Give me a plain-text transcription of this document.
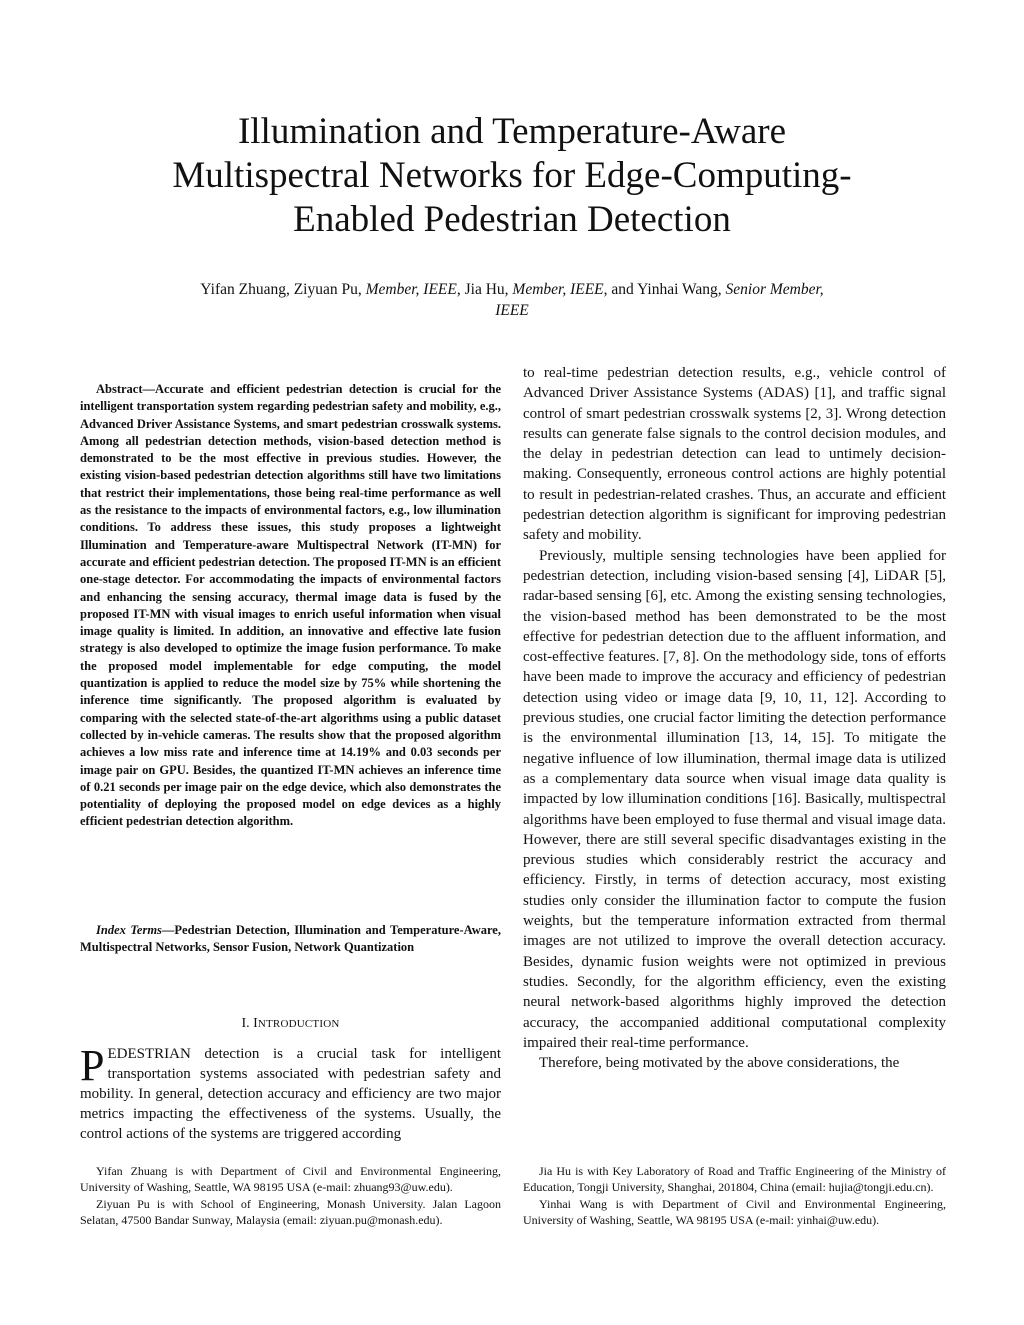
Illumination and Temperature-Aware
Multispectral Networks for Edge-Computing-
Enabled Pedestrian Detection

Yifan Zhuang, Ziyuan Pu, Member, IEEE, Jia Hu, Member, IEEE, and Yinhai Wang, Senior Member,
IEEE

Abstract—Accurate and efficient pedestrian detection is crucial for the intelligent transportation system regarding pedestrian safety and mobility, e.g., Advanced Driver Assistance Systems, and smart pedestrian crosswalk systems. Among all pedestrian detection methods, vision-based detection method is demonstrated to be the most effective in previous studies. However, the existing vision-based pedestrian detection algorithms still have two limitations that restrict their implementations, those being real-time performance as well as the resistance to the impacts of environmental factors, e.g., low illumination conditions. To address these issues, this study proposes a lightweight Illumination and Temperature-aware Multispectral Network (IT-MN) for accurate and efficient pedestrian detection. The proposed IT-MN is an efficient one-stage detector. For accommodating the impacts of environmental factors and enhancing the sensing accuracy, thermal image data is fused by the proposed IT-MN with visual images to enrich useful information when visual image quality is limited. In addition, an innovative and effective late fusion strategy is also developed to optimize the image fusion performance. To make the proposed model implementable for edge computing, the model quantization is applied to reduce the model size by 75% while shortening the inference time significantly. The proposed algorithm is evaluated by comparing with the selected state-of-the-art algorithms using a public dataset collected by in-vehicle cameras. The results show that the proposed algorithm achieves a low miss rate and inference time at 14.19% and 0.03 seconds per image pair on GPU. Besides, the quantized IT-MN achieves an inference time of 0.21 seconds per image pair on the edge device, which also demonstrates the potentiality of deploying the proposed model on edge devices as a highly efficient pedestrian detection algorithm.

Index Terms—Pedestrian Detection, Illumination and Temperature-Aware, Multispectral Networks, Sensor Fusion, Network Quantization

I. INTRODUCTION

PEDESTRIAN detection is a crucial task for intelligent transportation systems associated with pedestrian safety and mobility. In general, detection accuracy and efficiency are two major metrics impacting the effectiveness of the systems. Usually, the control actions of the systems are triggered according

to real-time pedestrian detection results, e.g., vehicle control of Advanced Driver Assistance Systems (ADAS) [1], and traffic signal control of smart pedestrian crosswalk systems [2, 3]. Wrong detection results can generate false signals to the control decision modules, and the delay in pedestrian detection can lead to untimely decision-making. Consequently, erroneous control actions are highly potential to result in pedestrian-related crashes. Thus, an accurate and efficient pedestrian detection algorithm is significant for improving pedestrian safety and mobility.

Previously, multiple sensing technologies have been applied for pedestrian detection, including vision-based sensing [4], LiDAR [5], radar-based sensing [6], etc. Among the existing sensing technologies, the vision-based method has been demonstrated to be the most effective for pedestrian detection due to the affluent information, and cost-effective features. [7, 8]. On the methodology side, tons of efforts have been made to improve the accuracy and efficiency of pedestrian detection using video or image data [9, 10, 11, 12]. According to previous studies, one crucial factor limiting the detection performance is the environmental illumination [13, 14, 15]. To mitigate the negative influence of low illumination, thermal image data is utilized as a complementary data source when visual image data quality is impacted by low illumination conditions [16]. Basically, multispectral algorithms have been employed to fuse thermal and visual image data. However, there are still several specific disadvantages existing in the previous studies which considerably restrict the accuracy and efficiency. Firstly, in terms of detection accuracy, most existing studies only consider the illumination factor to compute the fusion weights, but the temperature information extracted from thermal images are not utilized to improve the overall detection accuracy. Besides, dynamic fusion weights were not optimized in previous studies. Secondly, for the algorithm efficiency, even the existing neural network-based algorithms highly improved the detection accuracy, the accompanied additional computational complexity impaired their real-time performance.

Therefore, being motivated by the above considerations, the

Yifan Zhuang is with Department of Civil and Environmental Engineering, University of Washing, Seattle, WA 98195 USA (e-mail: zhuang93@uw.edu).

Ziyuan Pu is with School of Engineering, Monash University. Jalan Lagoon Selatan, 47500 Bandar Sunway, Malaysia (email: ziyuan.pu@monash.edu).

Jia Hu is with Key Laboratory of Road and Traffic Engineering of the Ministry of Education, Tongji University, Shanghai, 201804, China (email: hujia@tongji.edu.cn).

Yinhai Wang is with Department of Civil and Environmental Engineering, University of Washing, Seattle, WA 98195 USA (e-mail: yinhai@uw.edu).
